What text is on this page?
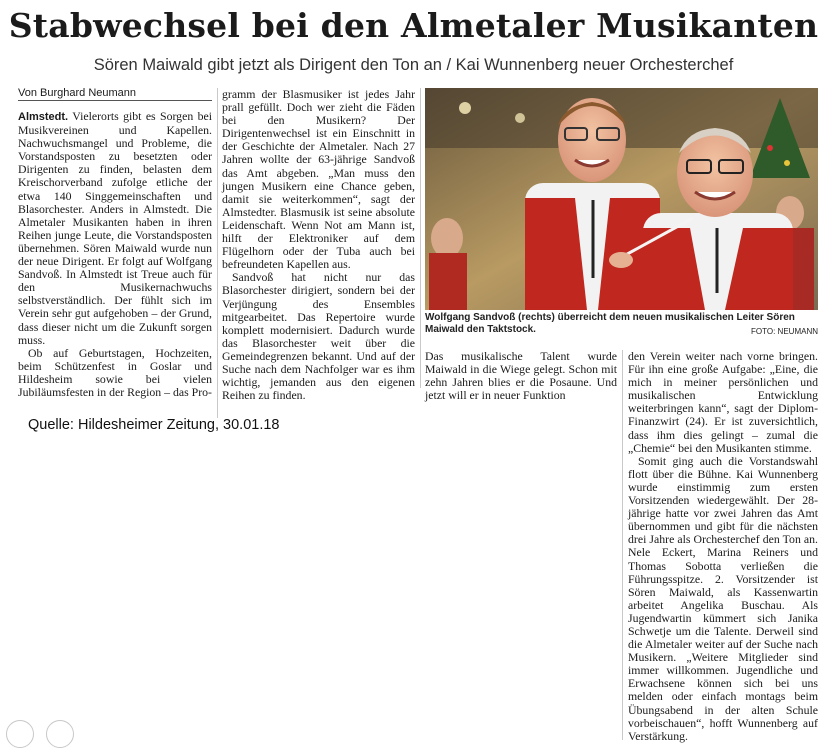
Stabwechsel bei den Almetaler Musikanten
Sören Maiwald gibt jetzt als Dirigent den Ton an / Kai Wunnenberg neuer Orchesterchef
Von Burghard Neumann

Almstedt. Vielerorts gibt es Sorgen bei Musikvereinen und Kapellen. Nachwuchsmangel und Probleme, die Vorstandsposten zu besetzten oder Dirigenten zu finden, belasten dem Kreischorverband zufolge etliche der etwa 140 Singgemeinschaften und Blasorchester. Anders in Almstedt. Die Almetaler Musikanten haben in ihren Reihen junge Leute, die Vorstandsposten übernehmen. Sören Maiwald wurde nun der neue Dirigent. Er folgt auf Wolfgang Sandvoß. In Almstedt ist Treue auch für den Musikernachwuchs selbstverständlich. Der fühlt sich im Verein sehr gut aufgehoben – der Grund, dass dieser nicht um die Zukunft sorgen muss.

Ob auf Geburtstagen, Hochzeiten, beim Schützenfest in Goslar und Hildesheim sowie bei vielen Jubiläumsfesten in der Region – das Pro-

gramm der Blasmusiker ist jedes Jahr prall gefüllt. Doch wer zieht die Fäden bei den Musikern? Der Dirigentenwechsel ist ein Einschnitt in der Geschichte der Almetaler. Nach 27 Jahren wollte der 63-jährige Sandvoß das Amt abgeben. „Man muss den jungen Musikern eine Chance geben, damit sie weiterkommen“, sagt der Almstedter. Blasmusik ist seine absolute Leidenschaft. Wenn Not am Mann ist, hilft der Elektroniker auf dem Flügelhorn oder der Tuba auch bei befreundeten Kapellen aus.

Sandvoß hat nicht nur das Blasorchester dirigiert, sondern bei der Verjüngung des Ensembles mitgearbeitet. Das Repertoire wurde komplett modernisiert. Dadurch wurde das Blasorchester weit über die Gemeindegrenzen bekannt. Und auf der Suche nach dem Nachfolger war es ihm wichtig, jemanden aus den eigenen Reihen zu finden.

Wolfgang Sandvoß (rechts) überreicht dem neuen musikalischen Leiter Sören Maiwald den Taktstock.	FOTO: NEUMANN

Das musikalische Talent wurde Maiwald in die Wiege gelegt. Schon mit zehn Jahren blies er die Posaune. Und jetzt will er in neuer Funktion

den Verein weiter nach vorne bringen. Für ihn eine große Aufgabe: „Eine, die mich in meiner persönlichen und musikalischen Entwicklung weiterbringen kann“, sagt der Diplom-Finanzwirt (24). Er ist zuversichtlich, dass ihm dies gelingt – zumal die „Chemie“ bei den Musikanten stimme.

Somit ging auch die Vorstandswahl flott über die Bühne. Kai Wunnenberg wurde einstimmig zum ersten Vorsitzenden wiedergewählt. Der 28-jährige hatte vor zwei Jahren das Amt übernommen und gibt für die nächsten drei Jahre als Orchesterchef den Ton an. Nele Eckert, Marina Reiners und Thomas Sobotta verließen die Führungsspitze. 2. Vorsitzender ist Sören Maiwald, als Kassenwartin arbeitet Angelika Buschau. Als Jugendwartin kümmert sich Janika Schwetje um die Talente. Derweil sind die Almetaler weiter auf der Suche nach Musikern. „Weitere Mitglieder sind immer willkommen. Jugendliche und Erwachsene können sich bei uns melden oder einfach montags beim Übungsabend in der alten Schule vorbeischauen“, hofft Wunnenberg auf Verstärkung.

Quelle: Hildesheimer Zeitung, 30.01.18
